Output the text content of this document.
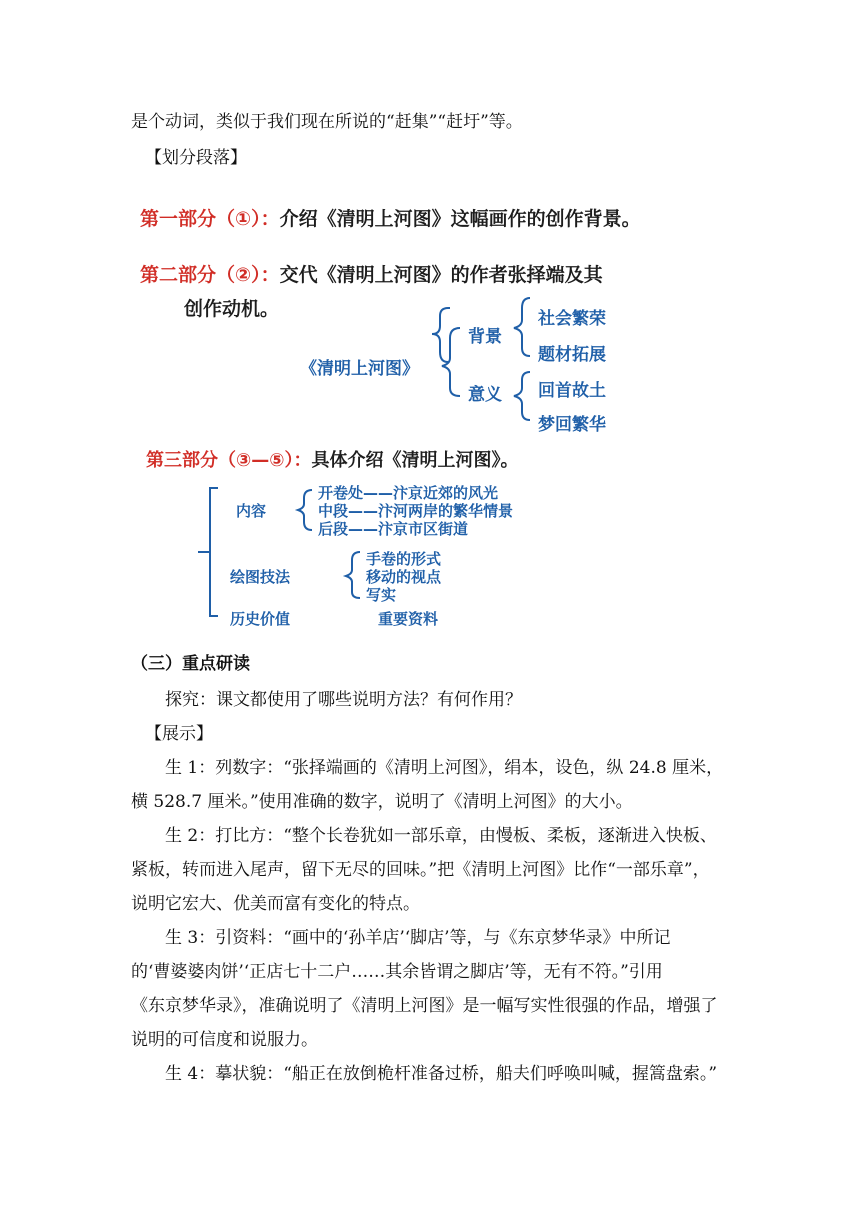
是个动词，类似于我们现在所说的“赶集”“赶圩”等。
【划分段落】
第一部分（①）：介绍《清明上河图》这幅画作的创作背景。
第二部分（②）：交代《清明上河图》的作者张择端及其
创作动机。
《清明上河图》
背景
社会繁荣
题材拓展
意义 回首故土
梦回繁华
第三部分（③—⑤）：具体介绍《清明上河图》。
内容
开卷处——汴京近郊的风光
中段——汴河两岸的繁华情景
后段——汴京市区街道
绘图技法
手卷的形式
移动的视点
写实
历史价值	重要资料
（三）重点研读
探究：课文都使用了哪些说明方法？有何作用？
【展示】
生 1：列数字：“张择端画的《清明上河图》，绢本，设色，纵 24.8 厘米，
横 528.7 厘米。”使用准确的数字，说明了《清明上河图》的大小。
生 2：打比方：“整个长卷犹如一部乐章，由慢板、柔板，逐渐进入快板、
紧板，转而进入尾声，留下无尽的回味。”把《清明上河图》比作“一部乐章”，
说明它宏大、优美而富有变化的特点。
生 3：引资料：“画中的‘孙羊店’‘脚店’等，与《东京梦华录》中所记
的‘曹婆婆肉饼’‘正店七十二户……其余皆谓之脚店’等，无有不符。”引用
《东京梦华录》，准确说明了《清明上河图》是一幅写实性很强的作品，增强了
说明的可信度和说服力。
生 4：摹状貌：“船正在放倒桅杆准备过桥，船夫们呼唤叫喊，握篙盘索。”
